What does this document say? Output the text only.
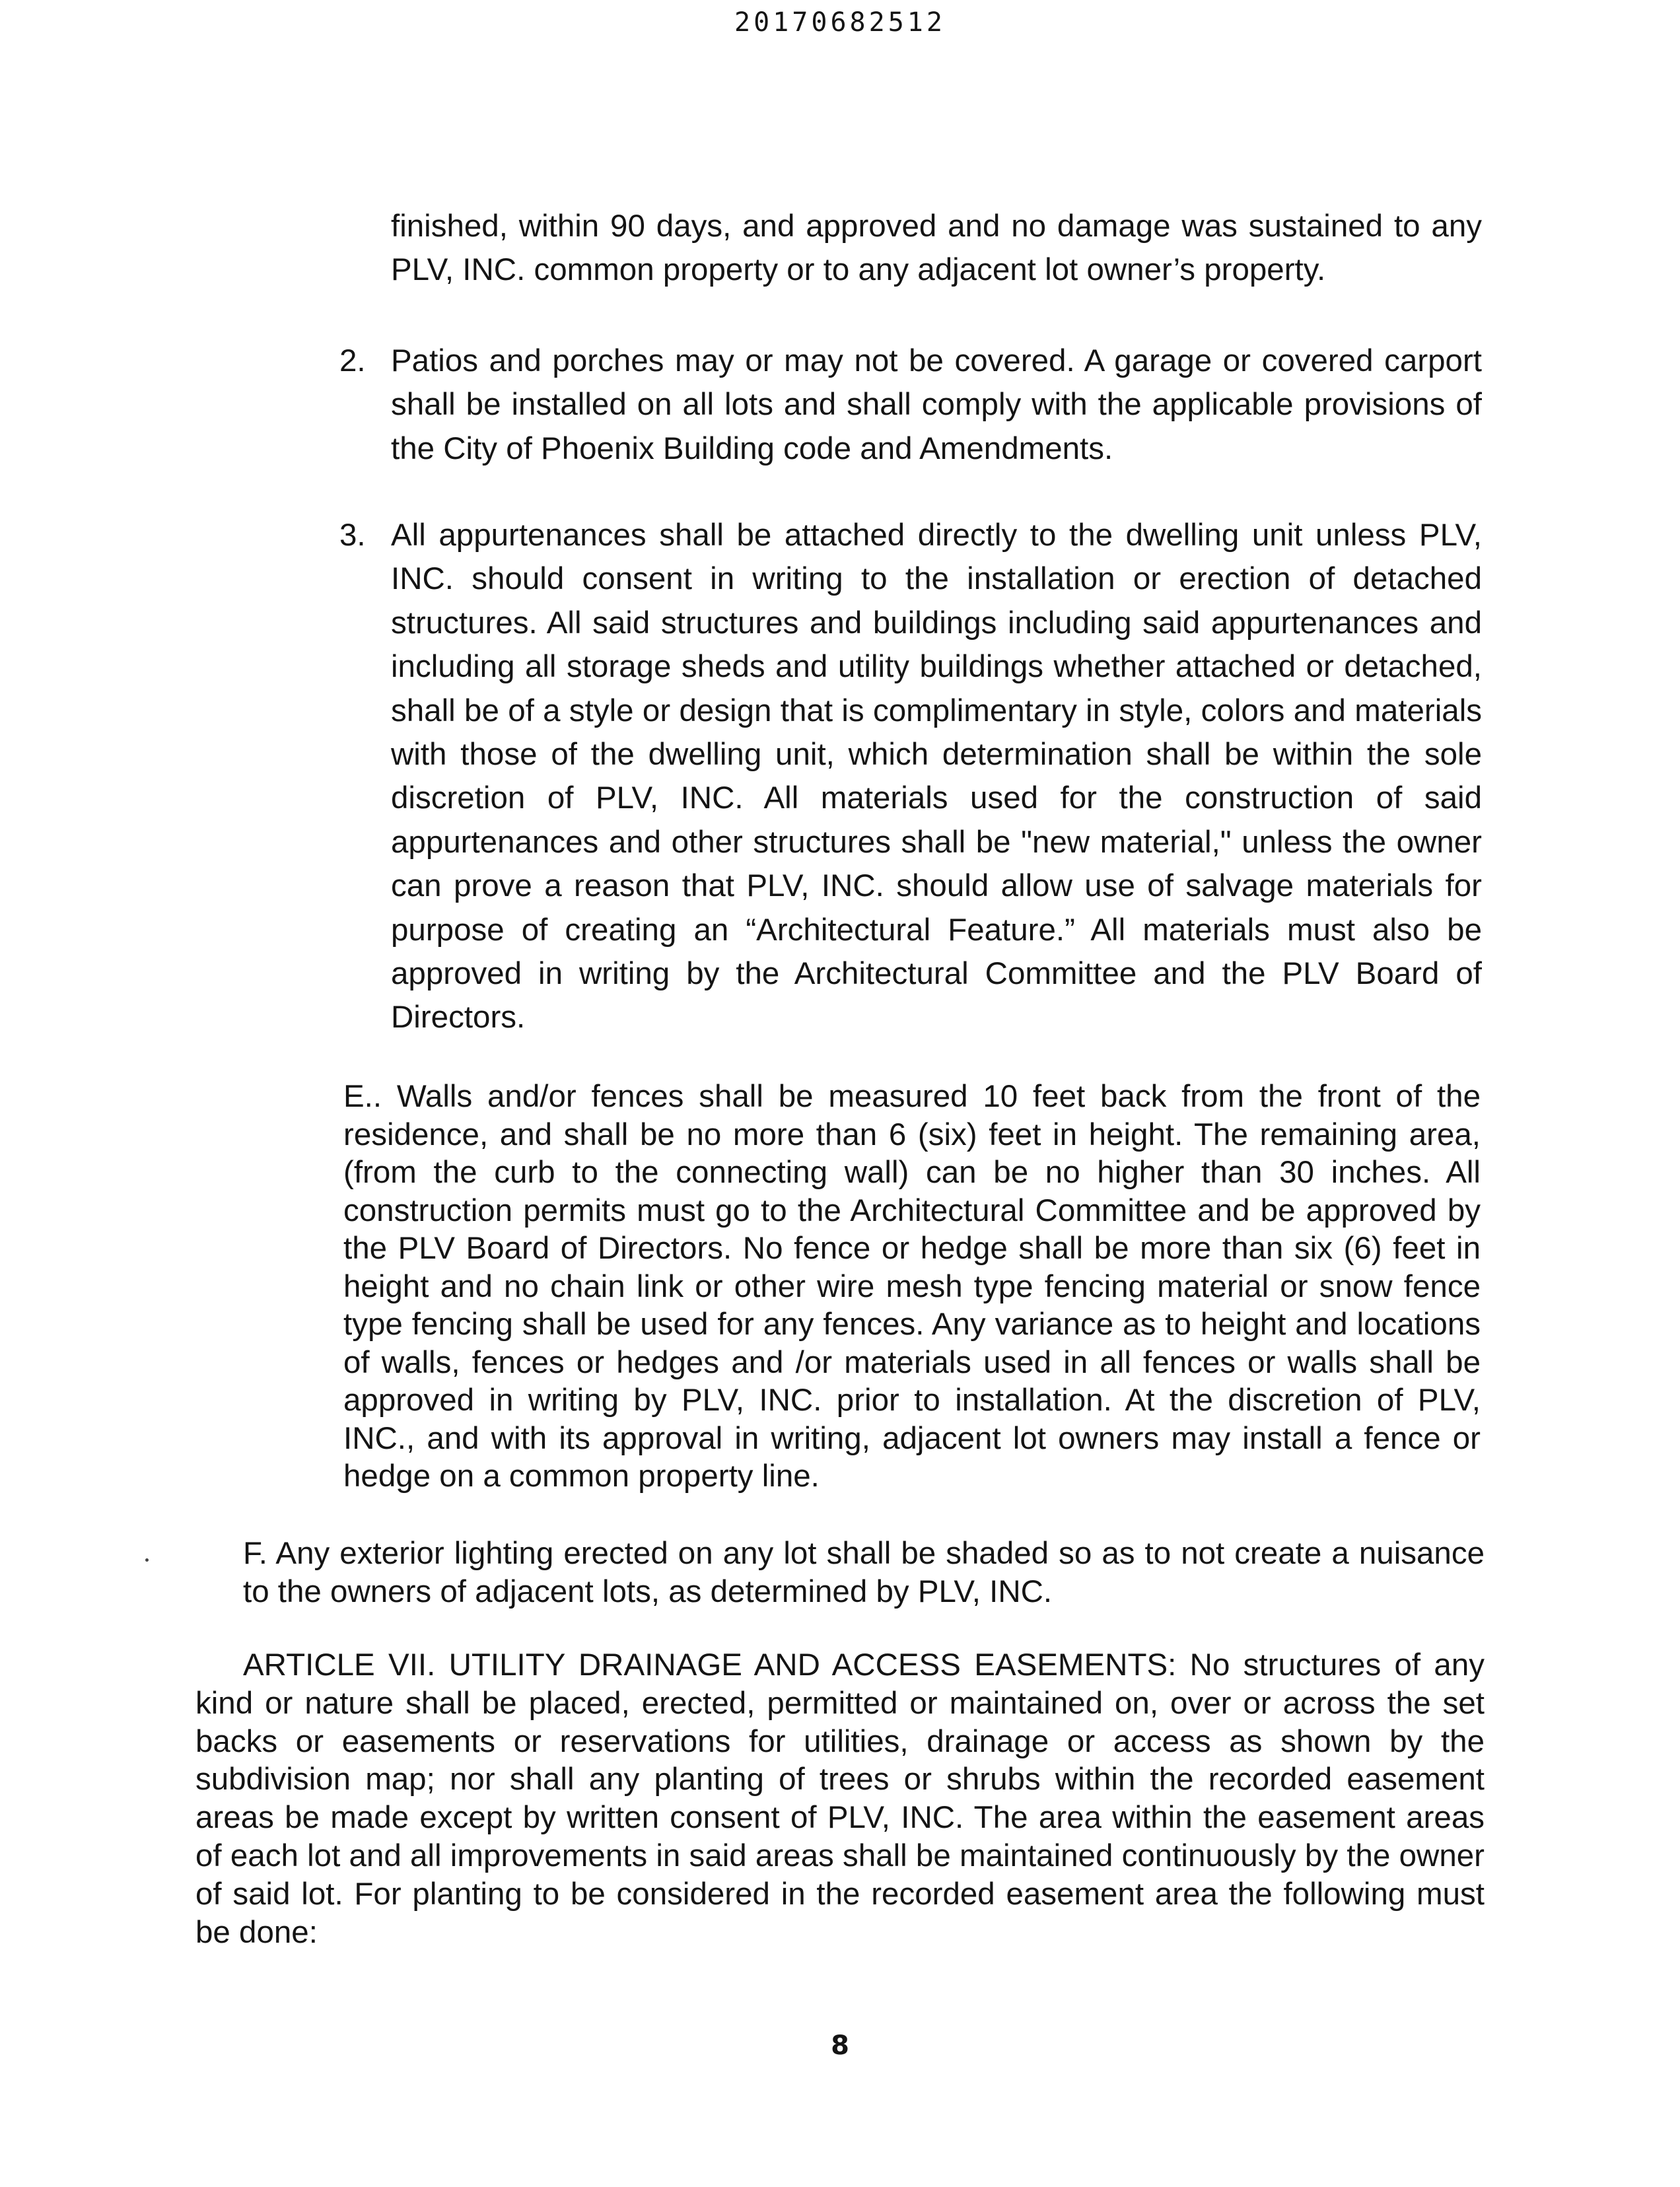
20170682512

finished, within 90 days, and approved and no damage was sustained to any PLV, INC. common property or to any adjacent lot owner’s property.

2. Patios and porches may or may not be covered. A garage or covered carport shall be installed on all lots and shall comply with the applicable provisions of the City of Phoenix Building code and Amendments.

3. All appurtenances shall be attached directly to the dwelling unit unless PLV, INC. should consent in writing to the installation or erection of detached structures. All said structures and buildings including said appurtenances and including all storage sheds and utility buildings whether attached or detached, shall be of a style or design that is complimentary in style, colors and materials with those of the dwelling unit, which determination shall be within the sole discretion of PLV, INC. All materials used for the construction of said appurtenances and other structures shall be "new material," unless the owner can prove a reason that PLV, INC. should allow use of salvage materials for purpose of creating an “Architectural Feature.” All materials must also be approved in writing by the Architectural Committee and the PLV Board of Directors.

E.. Walls and/or fences shall be measured 10 feet back from the front of the residence, and shall be no more than 6 (six) feet in height. The remaining area, (from the curb to the connecting wall) can be no higher than 30 inches. All construction permits must go to the Architectural Committee and be approved by the PLV Board of Directors. No fence or hedge shall be more than six (6) feet in height and no chain link or other wire mesh type fencing material or snow fence type fencing shall be used for any fences. Any variance as to height and locations of walls, fences or hedges and /or materials used in all fences or walls shall be approved in writing by PLV, INC. prior to installation. At the discretion of PLV, INC., and with its approval in writing, adjacent lot owners may install a fence or hedge on a common property line.

F. Any exterior lighting erected on any lot shall be shaded so as to not create a nuisance to the owners of adjacent lots, as determined by PLV, INC.

ARTICLE VII. UTILITY DRAINAGE AND ACCESS EASEMENTS: No structures of any kind or nature shall be placed, erected, permitted or maintained on, over or across the set backs or easements or reservations for utilities, drainage or access as shown by the subdivision map; nor shall any planting of trees or shrubs within the recorded easement areas be made except by written consent of PLV, INC. The area within the easement areas of each lot and all improvements in said areas shall be maintained continuously by the owner of said lot. For planting to be considered in the recorded easement area the following must be done:

8
